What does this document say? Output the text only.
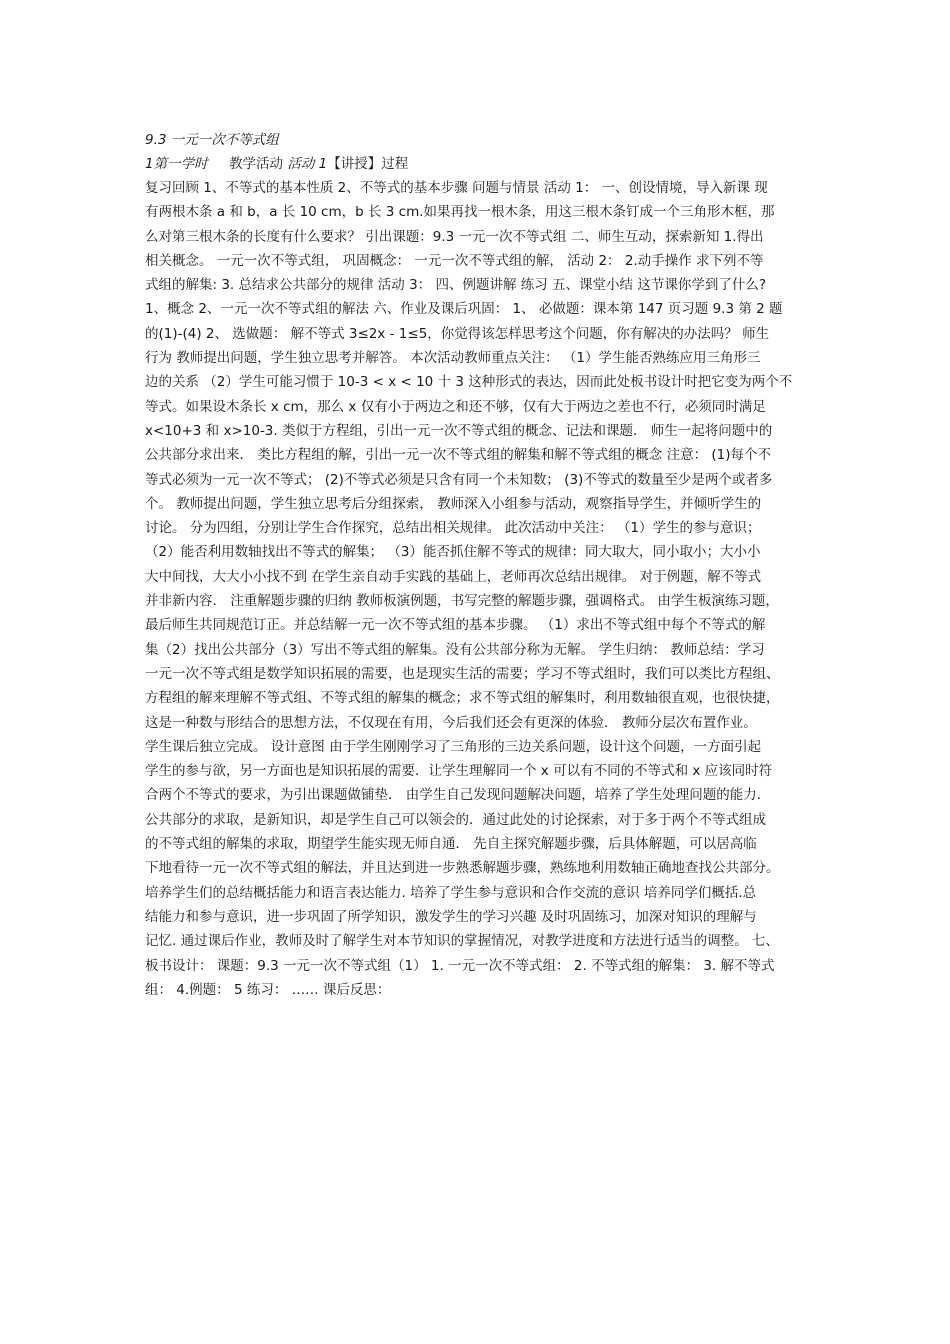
9.3 一元一次不等式组
1第一学时 教学活动 活动 1【讲授】过程
复习回顾 1、不等式的基本性质 2、不等式的基本步骤 问题与情景 活动 1： 一、创设情境，导入新课 现
有两根木条 a 和 b，a 长 10 cm，b 长 3 cm.如果再找一根木条，用这三根木条钉成一个三角形木框，那
么对第三根木条的长度有什么要求？ 引出课题：9.3 一元一次不等式组 二、师生互动，探索新知 1.得出
相关概念。 一元一次不等式组， 巩固概念： 一元一次不等式组的解， 活动 2： 2.动手操作 求下列不等
式组的解集: 3. 总结求公共部分的规律 活动 3： 四、例题讲解 练习 五、课堂小结 这节课你学到了什么?
1、概念 2、一元一次不等式组的解法 六、作业及课后巩固： 1、 必做题：课本第 147 页习题 9.3 第 2 题
的(1)-(4) 2、 选做题： 解不等式 3≤2x - 1≤5，你觉得该怎样思考这个问题，你有解决的办法吗？ 师生
行为 教师提出问题，学生独立思考并解答。 本次活动教师重点关注： （1）学生能否熟练应用三角形三
边的关系 （2）学生可能习惯于 10-3 < x < 10 十 3 这种形式的表达，因而此处板书设计时把它变为两个不
等式。如果设木条长 x cm，那么 x 仅有小于两边之和还不够，仅有大于两边之差也不行，必须同时满足
x<10+3 和 x>10-3. 类似于方程组，引出一元一次不等式组的概念、记法和课题． 师生一起将问题中的
公共部分求出来． 类比方程组的解，引出一元一次不等式组的解集和解不等式组的概念 注意： (1)每个不
等式必须为一元一次不等式； (2)不等式必须是只含有同一个未知数； (3)不等式的数量至少是两个或者多
个。 教师提出问题，学生独立思考后分组探索， 教师深入小组参与活动，观察指导学生，并倾听学生的
讨论。 分为四组，分别让学生合作探究，总结出相关规律。 此次活动中关注： （1）学生的参与意识；
（2）能否利用数轴找出不等式的解集； （3）能否抓住解不等式的规律：同大取大，同小取小；大小小
大中间找，大大小小找不到 在学生亲自动手实践的基础上，老师再次总结出规律。 对于例题，解不等式
并非新内容． 注重解题步骤的归纳 教师板演例题，书写完整的解题步骤，强调格式。 由学生板演练习题，
最后师生共同规范订正。并总结解一元一次不等式组的基本步骤。 （1）求出不等式组中每个不等式的解
集（2）找出公共部分（3）写出不等式组的解集。没有公共部分称为无解。 学生归纳： 教师总结：学习
一元一次不等式组是数学知识拓展的需要，也是现实生活的需要；学习不等式组时，我们可以类比方程组、
方程组的解来理解不等式组、不等式组的解集的概念；求不等式组的解集时，利用数轴很直观，也很快捷，
这是一种数与形结合的思想方法，不仅现在有用，今后我们还会有更深的体验． 教师分层次布置作业。
学生课后独立完成。 设计意图 由于学生刚刚学习了三角形的三边关系问题，设计这个问题，一方面引起
学生的参与欲，另一方面也是知识拓展的需要．让学生理解同一个 x 可以有不同的不等式和 x 应该同时符
合两个不等式的要求，为引出课题做铺垫． 由学生自己发现问题解决问题，培养了学生处理问题的能力.
公共部分的求取，是新知识，却是学生自己可以领会的．通过此处的讨论探索，对于多于两个不等式组成
的不等式组的解集的求取，期望学生能实现无师自通． 先自主探究解题步骤，后具体解题，可以居高临
下地看待一元一次不等式组的解法，并且达到进一步熟悉解题步骤，熟练地利用数轴正确地查找公共部分。
培养学生们的总结概括能力和语言表达能力. 培养了学生参与意识和合作交流的意识 培养同学们概括.总
结能力和参与意识，进一步巩固了所学知识，激发学生的学习兴趣 及时巩固练习，加深对知识的理解与
记忆. 通过课后作业，教师及时了解学生对本节知识的掌握情况，对教学进度和方法进行适当的调整。 七、
板书设计： 课题：9.3 一元一次不等式组（1） 1. 一元一次不等式组： 2. 不等式组的解集： 3. 解不等式
组： 4.例题： 5 练习： …… 课后反思：
